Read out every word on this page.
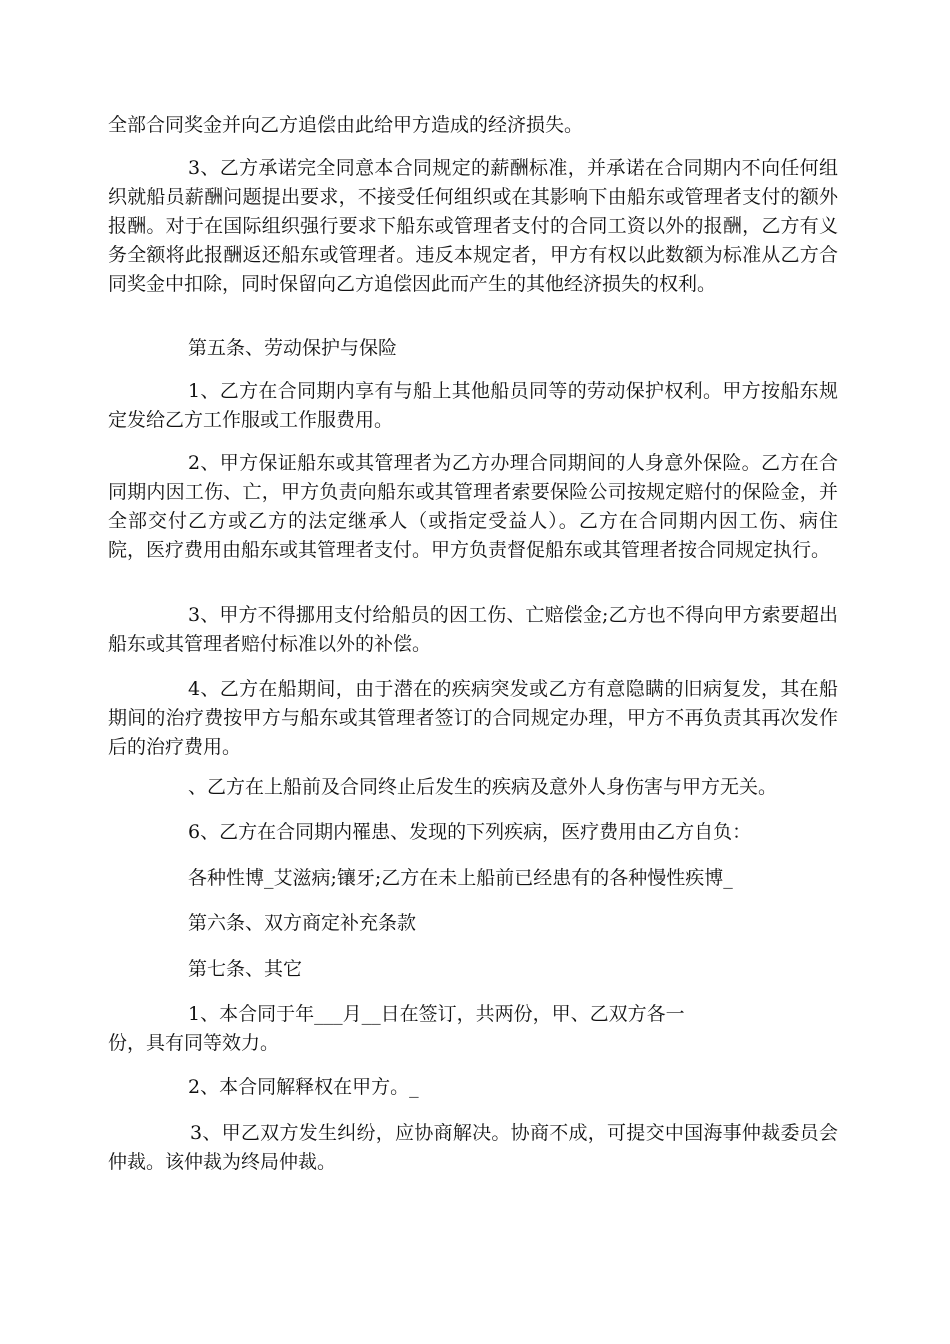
全部合同奖金并向乙方追偿由此给甲方造成的经济损失。

3、乙方承诺完全同意本合同规定的薪酬标准，并承诺在合同期内不向任何组织就船员薪酬问题提出要求，不接受任何组织或在其影响下由船东或管理者支付的额外报酬。对于在国际组织强行要求下船东或管理者支付的合同工资以外的报酬，乙方有义务全额将此报酬返还船东或管理者。违反本规定者，甲方有权以此数额为标准从乙方合同奖金中扣除，同时保留向乙方追偿因此而产生的其他经济损失的权利。

第五条、劳动保护与保险

1、乙方在合同期内享有与船上其他船员同等的劳动保护权利。甲方按船东规定发给乙方工作服或工作服费用。

2、甲方保证船东或其管理者为乙方办理合同期间的人身意外保险。乙方在合同期内因工伤、亡，甲方负责向船东或其管理者索要保险公司按规定赔付的保险金，并全部交付乙方或乙方的法定继承人（或指定受益人）。乙方在合同期内因工伤、病住院，医疗费用由船东或其管理者支付。甲方负责督促船东或其管理者按合同规定执行。

3、甲方不得挪用支付给船员的因工伤、亡赔偿金;乙方也不得向甲方索要超出船东或其管理者赔付标准以外的补偿。

4、乙方在船期间，由于潜在的疾病突发或乙方有意隐瞒的旧病复发，其在船期间的治疗费按甲方与船东或其管理者签订的合同规定办理，甲方不再负责其再次发作后的治疗费用。

、乙方在上船前及合同终止后发生的疾病及意外人身伤害与甲方无关。

6、乙方在合同期内罹患、发现的下列疾病，医疗费用由乙方自负：

各种性博_艾滋病;镶牙;乙方在未上船前已经患有的各种慢性疾博_

第六条、双方商定补充条款

第七条、其它

1、本合同于年___月__日在签订，共两份，甲、乙双方各一

份，具有同等效力。

2、本合同解释权在甲方。_

3、甲乙双方发生纠纷，应协商解决。协商不成，可提交中国海事仲裁委员会仲裁。该仲裁为终局仲裁。
